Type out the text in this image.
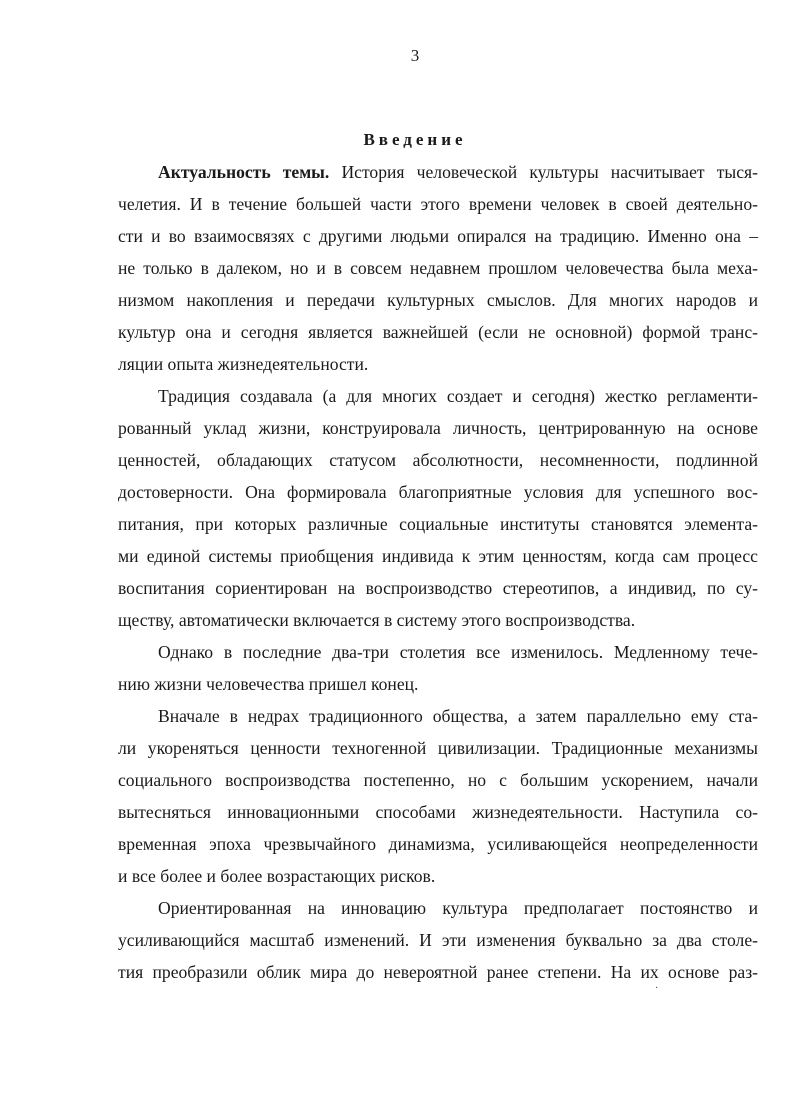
3
Введение
Актуальность темы. История человеческой культуры насчитывает тыся-
челетия. И в течение большей части этого времени человек в своей деятельно-
сти и во взаимосвязях с другими людьми опирался на традицию. Именно она –
не только в далеком, но и в совсем недавнем прошлом человечества была меха-
низмом накопления и передачи культурных смыслов. Для многих народов и
культур она и сегодня является важнейшей (если не основной) формой транс-
ляции опыта жизнедеятельности.
Традиция создавала (а для многих создает и сегодня) жестко регламенти-
рованный уклад жизни, конструировала личность, центрированную на основе
ценностей, обладающих статусом абсолютности, несомненности, подлинной
достоверности. Она формировала благоприятные условия для успешного вос-
питания, при которых различные социальные институты становятся элемента-
ми единой системы приобщения индивида к этим ценностям, когда сам процесс
воспитания сориентирован на воспроизводство стереотипов, а индивид, по су-
ществу, автоматически включается в систему этого воспроизводства.
Однако в последние два-три столетия все изменилось. Медленному тече-
нию жизни человечества пришел конец.
Вначале в недрах традиционного общества, а затем параллельно ему ста-
ли укореняться ценности техногенной цивилизации. Традиционные механизмы
социального воспроизводства постепенно, но с большим ускорением, начали
вытесняться инновационными способами жизнедеятельности. Наступила со-
временная эпоха чрезвычайного динамизма, усиливающейся неопределенности
и все более и более возрастающих рисков.
Ориентированная на инновацию культура предполагает постоянство и
усиливающийся масштаб изменений. И эти изменения буквально за два столе-
тия преобразили облик мира до невероятной ранее степени. На их основе раз-
·
